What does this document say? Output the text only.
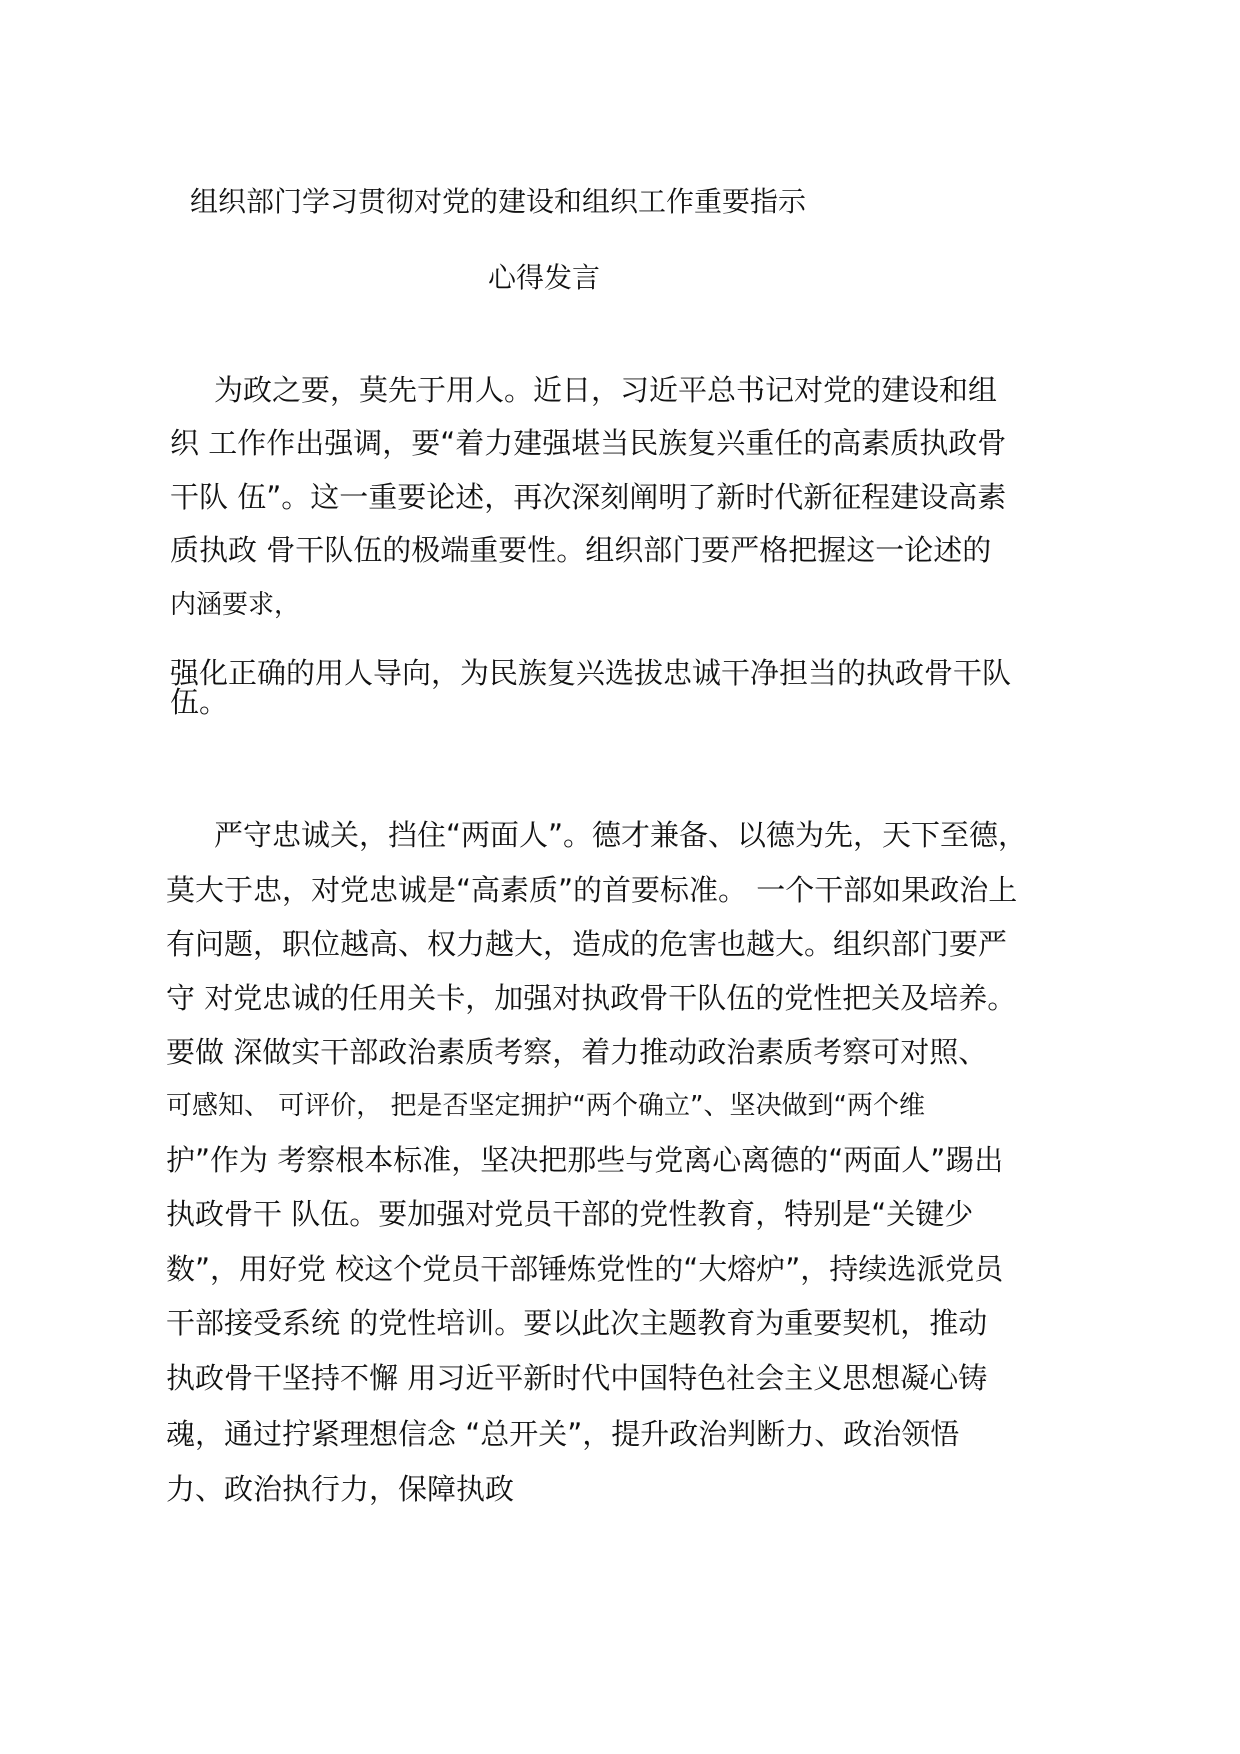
组织部门学习贯彻对党的建设和组织工作重要指示
心得发言
为政之要，莫先于用人。近日，习近平总书记对党的建设和组
织 工作作出强调，要“着力建强堪当民族复兴重任的高素质执政骨
干队 伍”。这一重要论述，再次深刻阐明了新时代新征程建设高素
质执政 骨干队伍的极端重要性。组织部门要严格把握这一论述的
内涵要求，
强化正确的用人导向，为民族复兴选拔忠诚干净担当的执政骨干队
伍。
严守忠诚关，挡住“两面人”。德才兼备、以德为先，天下至德，
莫大于忠，对党忠诚是“高素质”的首要标准。 一个干部如果政治上
有问题，职位越高、权力越大，造成的危害也越大。组织部门要严
守 对党忠诚的任用关卡，加强对执政骨干队伍的党性把关及培养。
要做 深做实干部政治素质考察，着力推动政治素质考察可对照、
可感知、 可评价， 把是否坚定拥护“两个确立”、坚决做到“两个维
护”作为 考察根本标准，坚决把那些与党离心离德的“两面人”踢出
执政骨干 队伍。要加强对党员干部的党性教育，特别是“关键少
数”，用好党 校这个党员干部锤炼党性的“大熔炉”，持续选派党员
干部接受系统 的党性培训。要以此次主题教育为重要契机，推动
执政骨干坚持不懈 用习近平新时代中国特色社会主义思想凝心铸
魂，通过拧紧理想信念 “总开关”，提升政治判断力、政治领悟
力、政治执行力，保障执政
